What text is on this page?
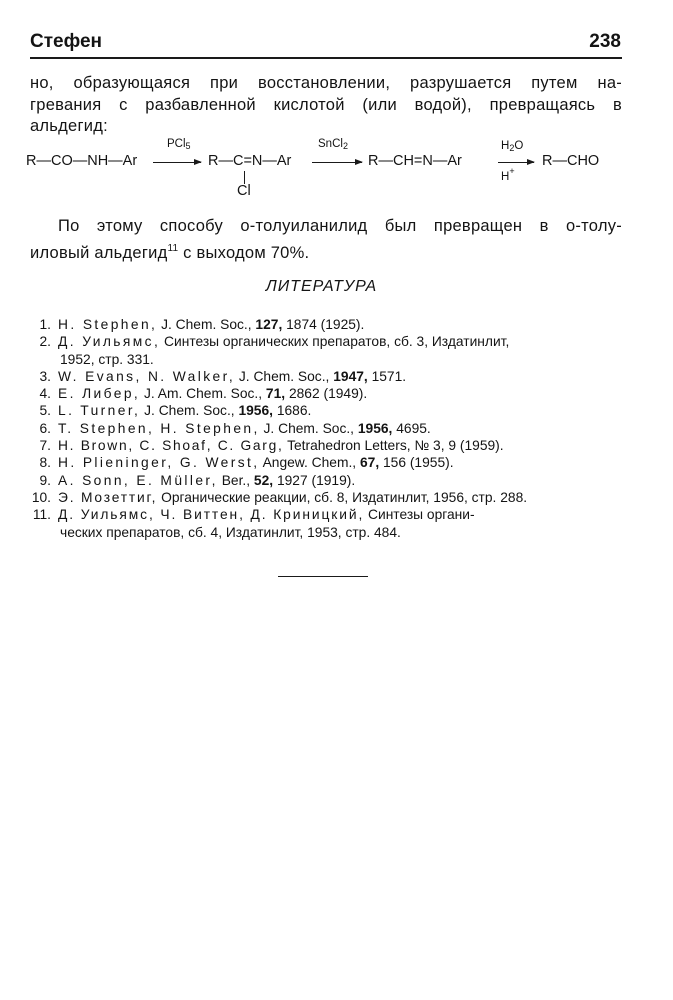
Стефен	238
но, образующаяся при восстановлении, разрушается путем на-
гревания с разбавленной кислотой (или водой), превращаясь в
альдегид:
R—CO—NH—Ar
PCl$_5$
→ R—C=N—Ar
Cl
SnCl$_2$
→ R—CH=N—Ar
$H_2O$
H+
R—CHO
По этому способу о-толуиланилид был превращен в о-толу-
иловый альдегид$^{11}$ с выходом 70%.
ЛИТЕРАТУРА
1. H. Stephen, J. Chem. Soc., 127, 1874 (1925).
2. Д. Уильямс, Синтезы органических препаратов, сб. 3, Издатинлит,
1952, стр. 331.
3. W. Evans, N. Walker, J. Chem. Soc., 1947, 1571.
4. Е. Либер, J. Am. Chem. Soc., 71, 2862 (1949).
5. L. Turner, J. Chem. Soc., 1956, 1686.
6. T. Stephen, H. Stephen, J. Chem. Soc., 1956, 4695.
7. H. Brown, C. Shoaf, C. Garg, Tetrahedron Letters, № 3, 9 (1959).
8. H. Plieninger, G. Werst, Angew. Chem., 67, 156 (1955).
9. A. Sonn, E. Müller, Ber., 52, 1927 (1919).
10. Э. Мозеттиг, Органические реакции, сб. 8, Издатинлит, 1956, стр. 288.
11. Д. Уильямс, Ч. Виттен, Д. Криницкий, Синтезы органи-
ческих препаратов, сб. 4, Издатинлит, 1953, стр. 484.
